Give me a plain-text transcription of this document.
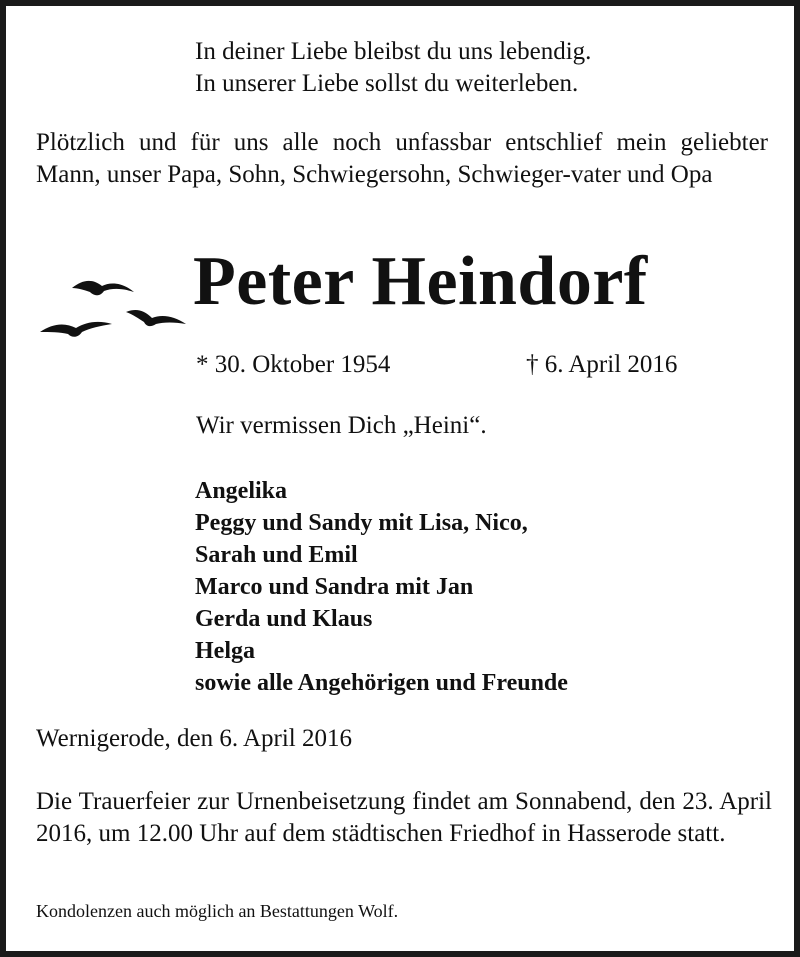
In deiner Liebe bleibst du uns lebendig.
In unserer Liebe sollst du weiterleben.
Plötzlich und für uns alle noch unfassbar entschlief mein geliebter Mann, unser Papa, Sohn, Schwiegersohn, Schwieger-vater und Opa
Peter Heindorf
* 30. Oktober 1954	† 6. April 2016
Wir vermissen Dich „Heini“.
Angelika
Peggy und Sandy mit Lisa, Nico,
Sarah und Emil
Marco und Sandra mit Jan
Gerda und Klaus
Helga
sowie alle Angehörigen und Freunde
Wernigerode, den 6. April 2016
Die Trauerfeier zur Urnenbeisetzung findet am Sonnabend, den 23. April 2016, um 12.00 Uhr auf dem städtischen Friedhof in Hasserode statt.
Kondolenzen auch möglich an Bestattungen Wolf.
